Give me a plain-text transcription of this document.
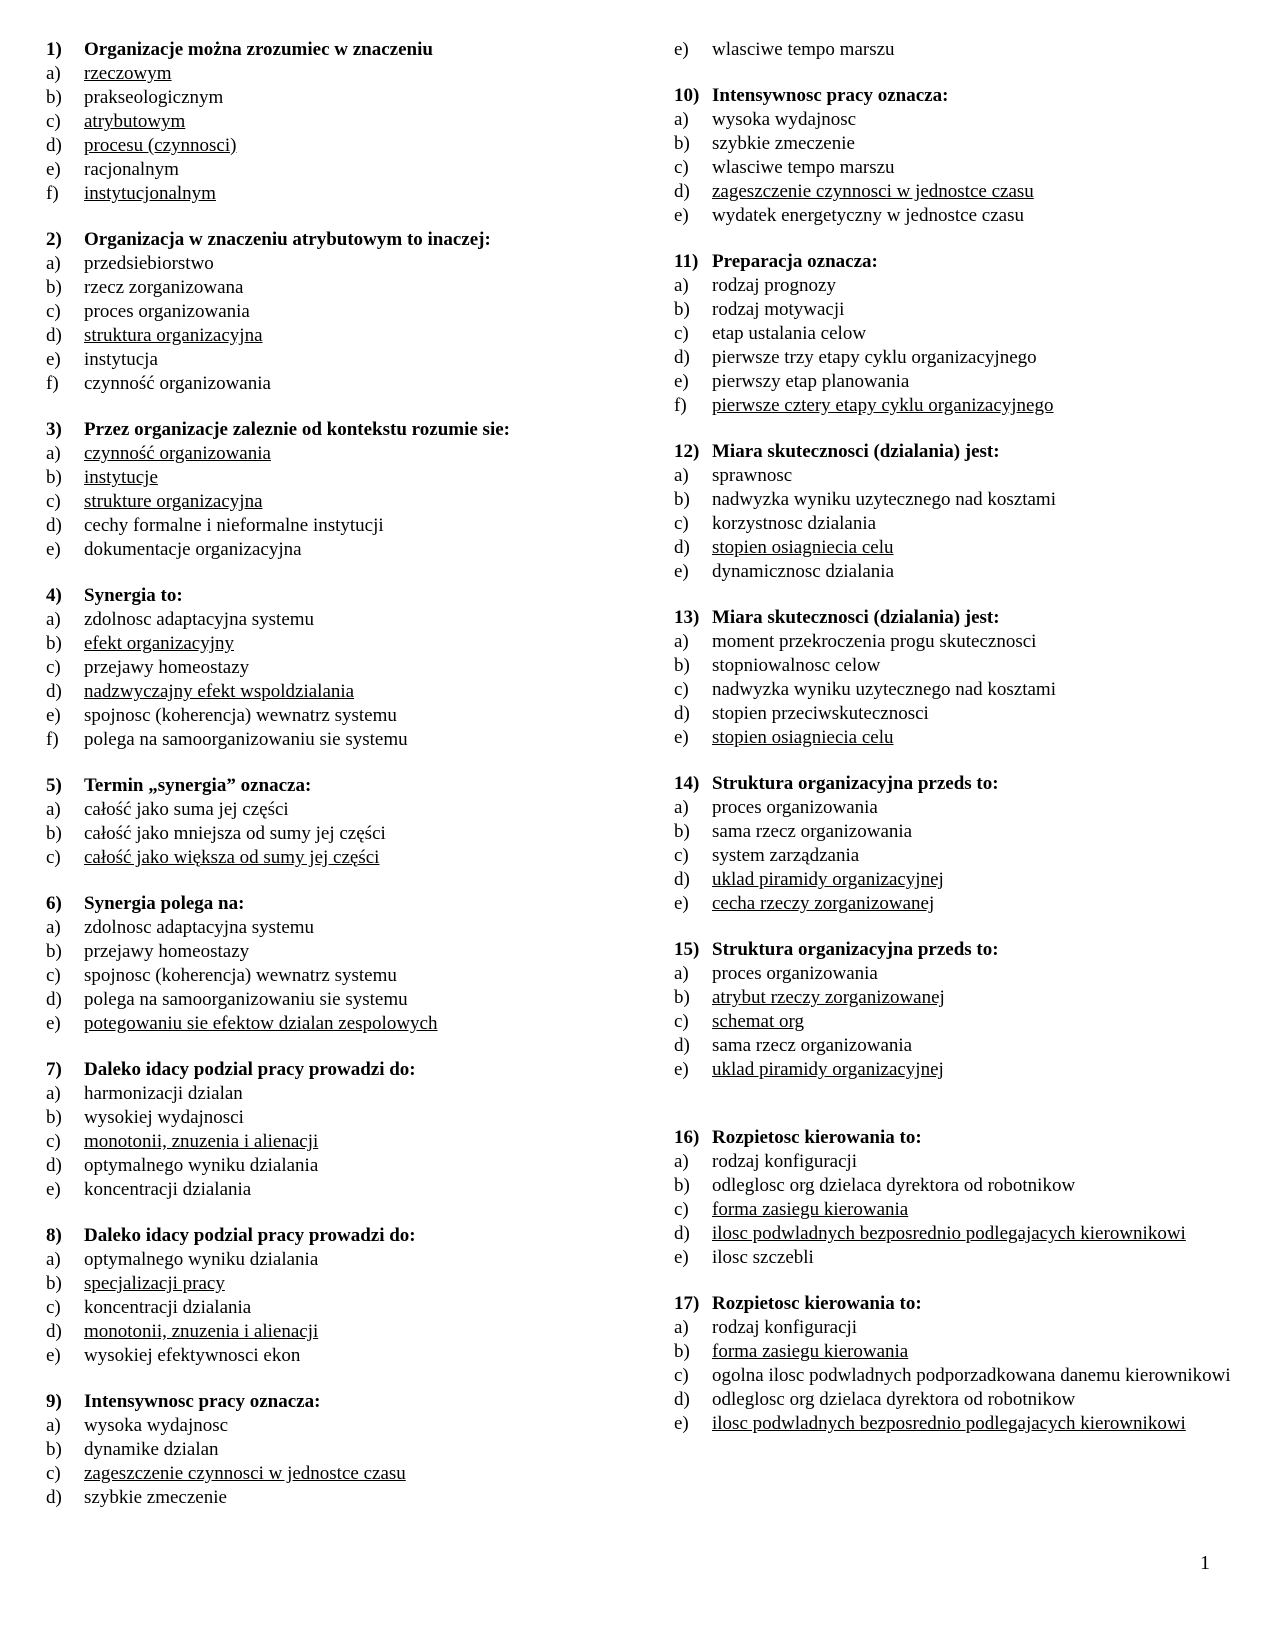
1)	Organizacje można zrozumiec w znaczeniu
a)	rzeczowym
b)	prakseologicznym
c)	atrybutowym
d)	procesu (czynnosci)
e)	racjonalnym
f)	instytucjonalnym
2)	Organizacja w znaczeniu atrybutowym to inaczej:
a)	przedsiebiorstwo
b)	rzecz zorganizowana
c)	proces organizowania
d)	struktura organizacyjna
e)	instytucja
f)	czynność organizowania
3)	Przez organizacje zaleznie od kontekstu rozumie sie:
a)	czynność organizowania
b)	instytucje
c)	strukture organizacyjna
d)	cechy formalne i nieformalne instytucji
e)	dokumentacje organizacyjna
4)	Synergia to:
a)	zdolnosc adaptacyjna systemu
b)	efekt organizacyjny
c)	przejawy homeostazy
d)	nadzwyczajny efekt wspoldzialania
e)	spojnosc (koherencja) wewnatrz systemu
f)	polega na samoorganizowaniu sie systemu
5)	Termin „synergia” oznacza:
a)	całość jako suma jej części
b)	całość jako mniejsza od sumy jej części
c)	całość jako większa od sumy jej części
6)	Synergia polega na:
a)	zdolnosc adaptacyjna systemu
b)	przejawy homeostazy
c)	spojnosc (koherencja) wewnatrz systemu
d)	polega na samoorganizowaniu sie systemu
e)	potegowaniu sie efektow dzialan zespolowych
7)	Daleko idacy podzial pracy prowadzi do:
a)	harmonizacji dzialan
b)	wysokiej wydajnosci
c)	monotonii, znuzenia i alienacji
d)	optymalnego wyniku dzialania
e)	koncentracji dzialania
8)	Daleko idacy podzial pracy prowadzi do:
a)	optymalnego wyniku dzialania
b)	specjalizacji pracy
c)	koncentracji dzialania
d)	monotonii, znuzenia i alienacji
e)	wysokiej efektywnosci ekon
9)	Intensywnosc pracy oznacza:
a)	wysoka wydajnosc
b)	dynamike dzialan
c)	zageszczenie czynnosci w jednostce czasu
d)	szybkie zmeczenie
e)	wlasciwe tempo marszu
10) Intensywnosc pracy oznacza:
a)	wysoka wydajnosc
b)	szybkie zmeczenie
c)	wlasciwe tempo marszu
d)	zageszczenie czynnosci w jednostce czasu
e)	wydatek energetyczny w jednostce czasu
11) Preparacja oznacza:
a)	rodzaj prognozy
b)	rodzaj motywacji
c)	etap ustalania celow
d)	pierwsze trzy etapy cyklu organizacyjnego
e)	pierwszy etap planowania
f)	pierwsze cztery etapy cyklu organizacyjnego
12) Miara skutecznosci (dzialania) jest:
a)	sprawnosc
b)	nadwyzka wyniku uzytecznego nad kosztami
c)	korzystnosc dzialania
d)	stopien osiagniecia celu
e)	dynamicznosc dzialania
13) Miara skutecznosci (dzialania) jest:
a)	moment przekroczenia progu skutecznosci
b)	stopniowalnosc celow
c)	nadwyzka wyniku uzytecznego nad kosztami
d)	stopien przeciwskutecznosci
e)	stopien osiagniecia celu
14) Struktura organizacyjna przeds to:
a)	proces organizowania
b)	sama rzecz organizowania
c)	system zarządzania
d)	uklad piramidy organizacyjnej
e)	cecha rzeczy zorganizowanej
15) Struktura organizacyjna przeds to:
a)	proces organizowania
b)	atrybut rzeczy zorganizowanej
c)	schemat org
d)	sama rzecz organizowania
e)	uklad piramidy organizacyjnej
16) Rozpietosc kierowania to:
a)	rodzaj konfiguracji
b)	odleglosc org dzielaca dyrektora od robotnikow
c)	forma zasiegu kierowania
d)	ilosc podwladnych bezposrednio podlegajacych kierownikowi
e)	ilosc szczebli
17) Rozpietosc kierowania to:
a)	rodzaj konfiguracji
b)	forma zasiegu kierowania
c)	ogolna ilosc podwladnych podporzadkowana danemu kierownikowi
d)	odleglosc org dzielaca dyrektora od robotnikow
e)	ilosc podwladnych bezposrednio podlegajacych kierownikowi
1
